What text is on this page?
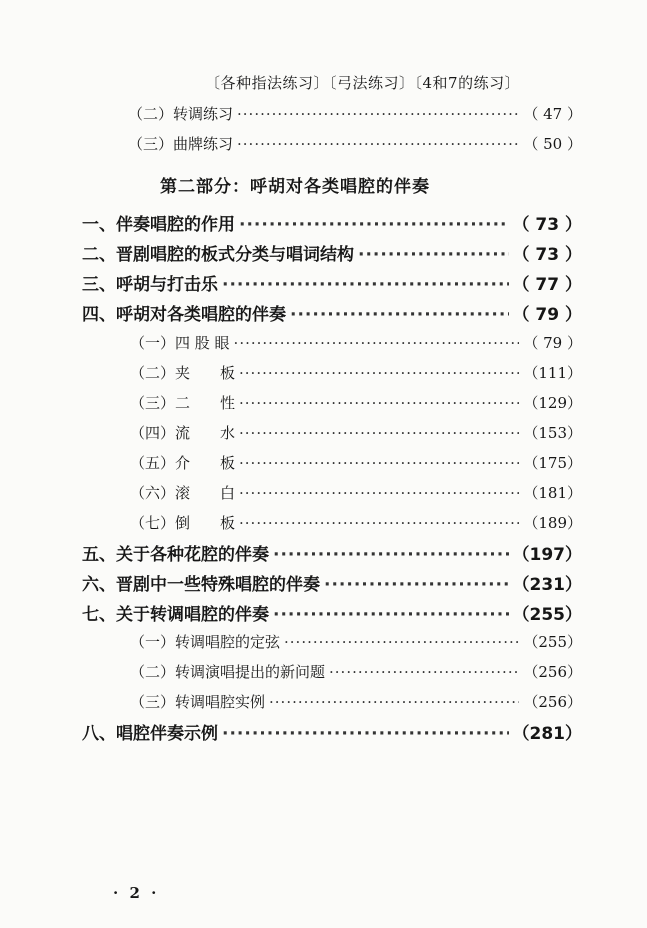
〔各种指法练习〕〔弓法练习〕〔4和7的练习〕
（二）转调练习 ·····	（ 47 ）
（三）曲牌练习 ·····	（ 50 ）
第二部分：呼胡对各类唱腔的伴奏
一、伴奏唱腔的作用 ·····	（ 73 ）
二、晋剧唱腔的板式分类与唱词结构 ·····	（ 73 ）
三、呼胡与打击乐 ·····	（ 77 ）
四、呼胡对各类唱腔的伴奏 ·····	（ 79 ）
（一）四 股 眼 ·····	（ 79 ）
（二）夹　　板 ·····	（111）
（三）二　　性 ·····	（129）
（四）流　　水 ·····	（153）
（五）介　　板 ·····	（175）
（六）滚　　白 ·····	（181）
（七）倒　　板 ·····	（189）
五、关于各种花腔的伴奏 ·····	（197）
六、晋剧中一些特殊唱腔的伴奏 ·····	（231）
七、关于转调唱腔的伴奏 ·····	（255）
（一）转调唱腔的定弦 ·····	（255）
（二）转调演唱提出的新问题 ·····	（256）
（三）转调唱腔实例 ·····	（256）
八、唱腔伴奏示例 ·····	（281）
· 2 ·
